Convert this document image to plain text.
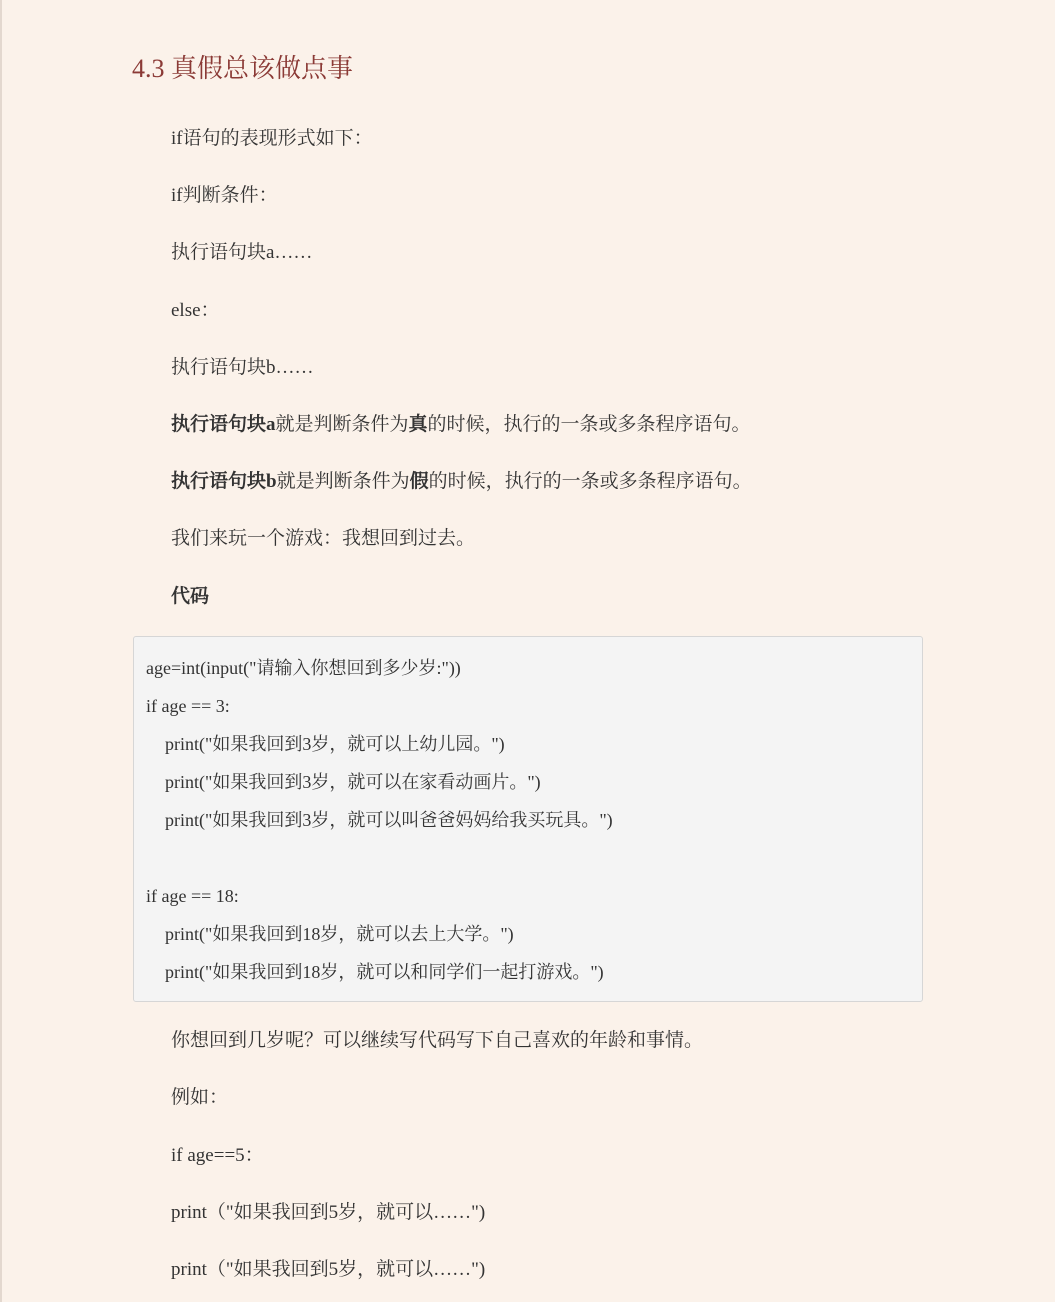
4.3 真假总该做点事

if语句的表现形式如下：

if判断条件：

执行语句块a……

else：

执行语句块b……

执行语句块a就是判断条件为真的时候，执行的一条或多条程序语句。

执行语句块b就是判断条件为假的时候，执行的一条或多条程序语句。

我们来玩一个游戏：我想回到过去。

代码

age=int(input("请输入你想回到多少岁:"))

if age == 3:

print("如果我回到3岁，就可以上幼儿园。")

print("如果我回到3岁，就可以在家看动画片。")

print("如果我回到3岁，就可以叫爸爸妈妈给我买玩具。")

if age == 18:

print("如果我回到18岁，就可以去上大学。")

print("如果我回到18岁，就可以和同学们一起打游戏。")

你想回到几岁呢？可以继续写代码写下自己喜欢的年龄和事情。

例如：

if age==5：

print（"如果我回到5岁，就可以……")

print（"如果我回到5岁，就可以……")
